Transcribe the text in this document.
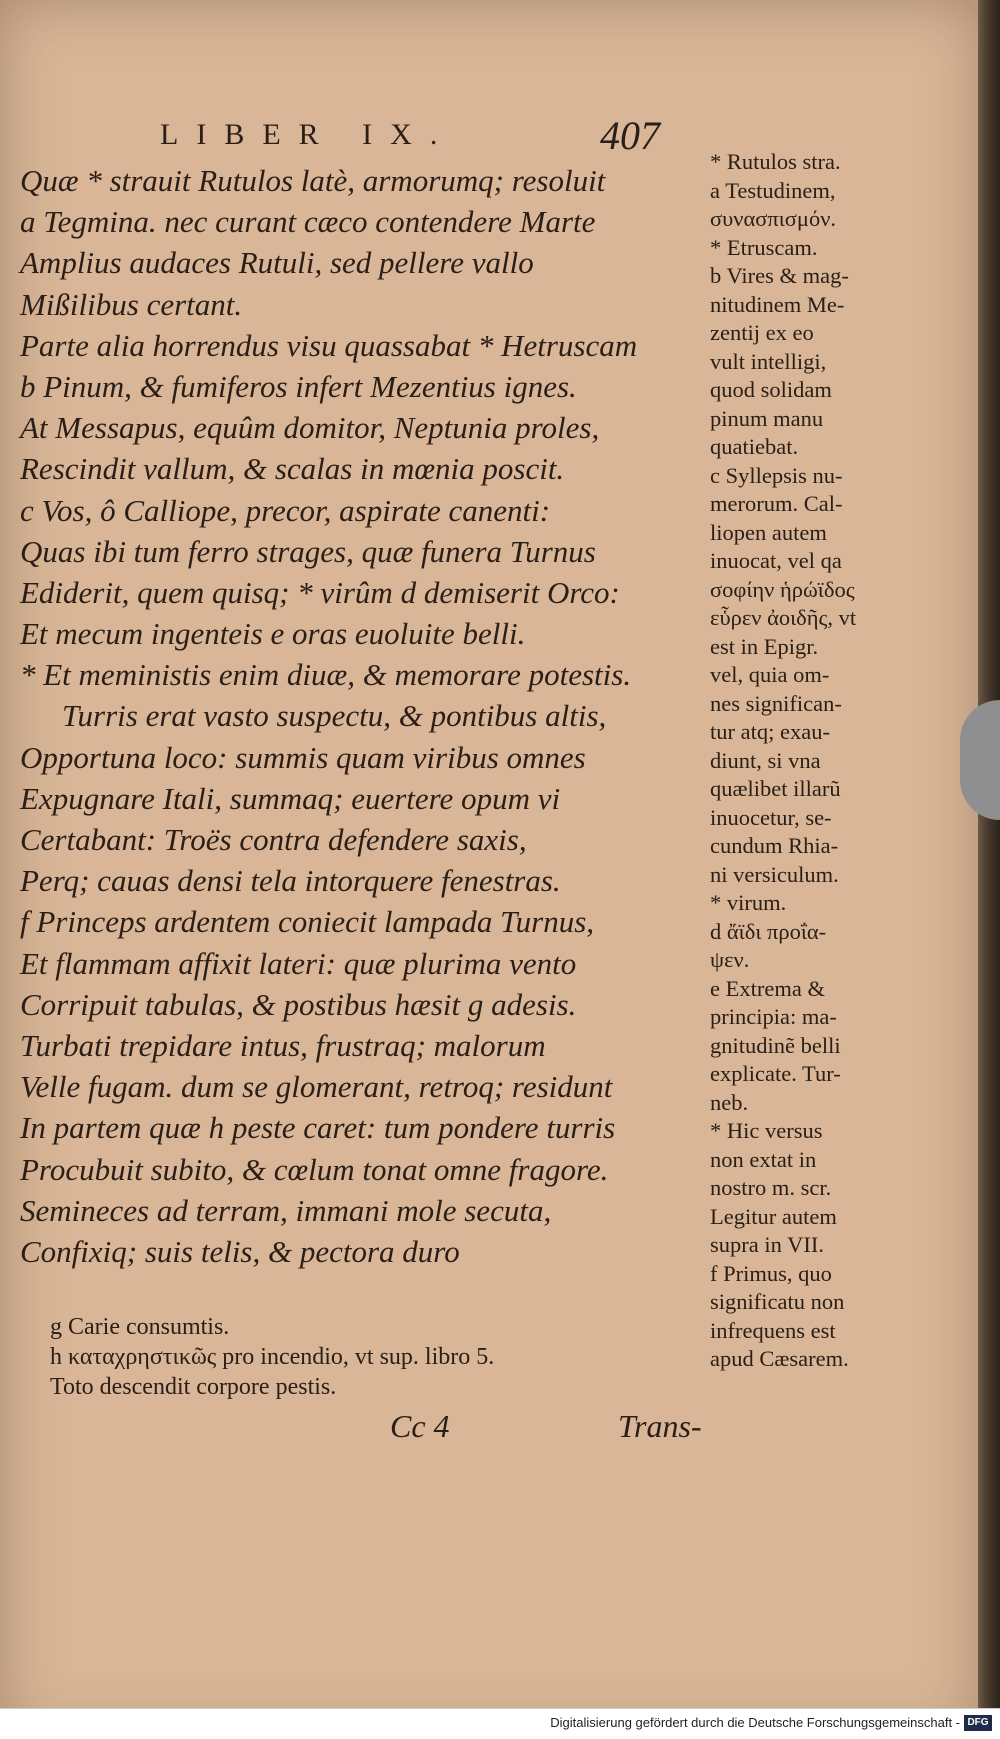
LIBER IX.	407
Quæ * strauit Rutulos latè, armorumq; resoluit
a Tegmina. nec curant cæco contendere Marte
Amplius audaces Rutuli, sed pellere vallo
Mißilibus certant.
Parte alia horrendus visu quassabat * Hetruscam
b Pinum, & fumiferos infert Mezentius ignes.
At Messapus, equûm domitor, Neptunia proles,
Rescindit vallum, & scalas in mœnia poscit.
c Vos, ô Calliope, precor, aspirate canenti:
Quas ibi tum ferro strages, quæ funera Turnus
Ediderit, quem quisq; * virûm d demiserit Orco:
Et mecum ingenteis e oras euoluite belli.
* Et meministis enim diuæ, & memorare potestis.
Turris erat vasto suspectu, & pontibus altis,
Opportuna loco: summis quam viribus omnes
Expugnare Itali, summaq; euertere opum vi
Certabant: Troës contra defendere saxis,
Perq; cauas densi tela intorquere fenestras.
f Princeps ardentem coniecit lampada Turnus,
Et flammam affixit lateri: quæ plurima vento
Corripuit tabulas, & postibus hæsit g adesis.
Turbati trepidare intus, frustraq; malorum
Velle fugam. dum se glomerant, retroq; residunt
In partem quæ h peste caret: tum pondere turris
Procubuit subito, & cœlum tonat omne fragore.
Semineces ad terram, immani mole secuta,
Confixiq; suis telis, & pectora duro
g Carie consumtis.
h καταχρηστικῶς pro incendio, vt sup. libro 5.
Toto descendit corpore pestis.
Cc 4	Trans-
* Rutulos stra.
a Testudinem,
συνασπισμόν.
* Etruscam.
b Vires & mag-
nitudinem Me-
zentij ex eo
vult intelligi,
quod solidam
pinum manu
quatiebat.
c Syllepsis nu-
merorum. Cal-
liopen autem
inuocat, vel qa
σοφίην ἡρώϊδος
εὗρεν ἀοιδῆς, vt
est in Epigr.
vel, quia om-
nes significan-
tur atq; exau-
diunt, si vna
quælibet illarũ
inuocetur, se-
cundum Rhia-
ni versiculum.
* virum.
d ἄϊδι προΐα-
ψεν.
e Extrema &
principia: ma-
gnitudinẽ belli
explicate. Tur-
neb.
* Hic versus
non extat in
nostro m. scr.
Legitur autem
supra in VII.
f Primus, quo
significatu non
infrequens est
apud Cæsarem.
Digitalisierung gefördert durch die Deutsche Forschungsgemeinschaft - DFG
